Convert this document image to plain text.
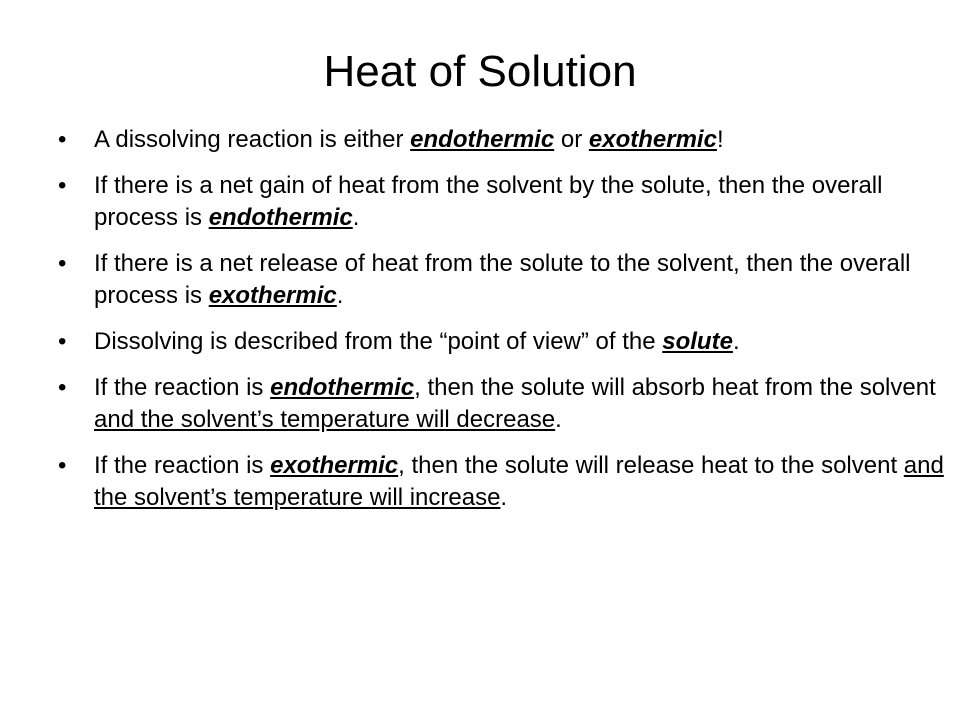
Heat of Solution
•	A dissolving reaction is either endothermic or exothermic!
•	If there is a net gain of heat from the solvent by the solute, then the overall process is endothermic.
•	If there is a net release of heat from the solute to the solvent, then the overall process is exothermic.
•	Dissolving is described from the “point of view” of the solute.
•	If the reaction is endothermic, then the solute will absorb heat from the solvent and the solvent’s temperature will decrease.
•	If the reaction is exothermic, then the solute will release heat to the solvent and the solvent’s temperature will increase.
